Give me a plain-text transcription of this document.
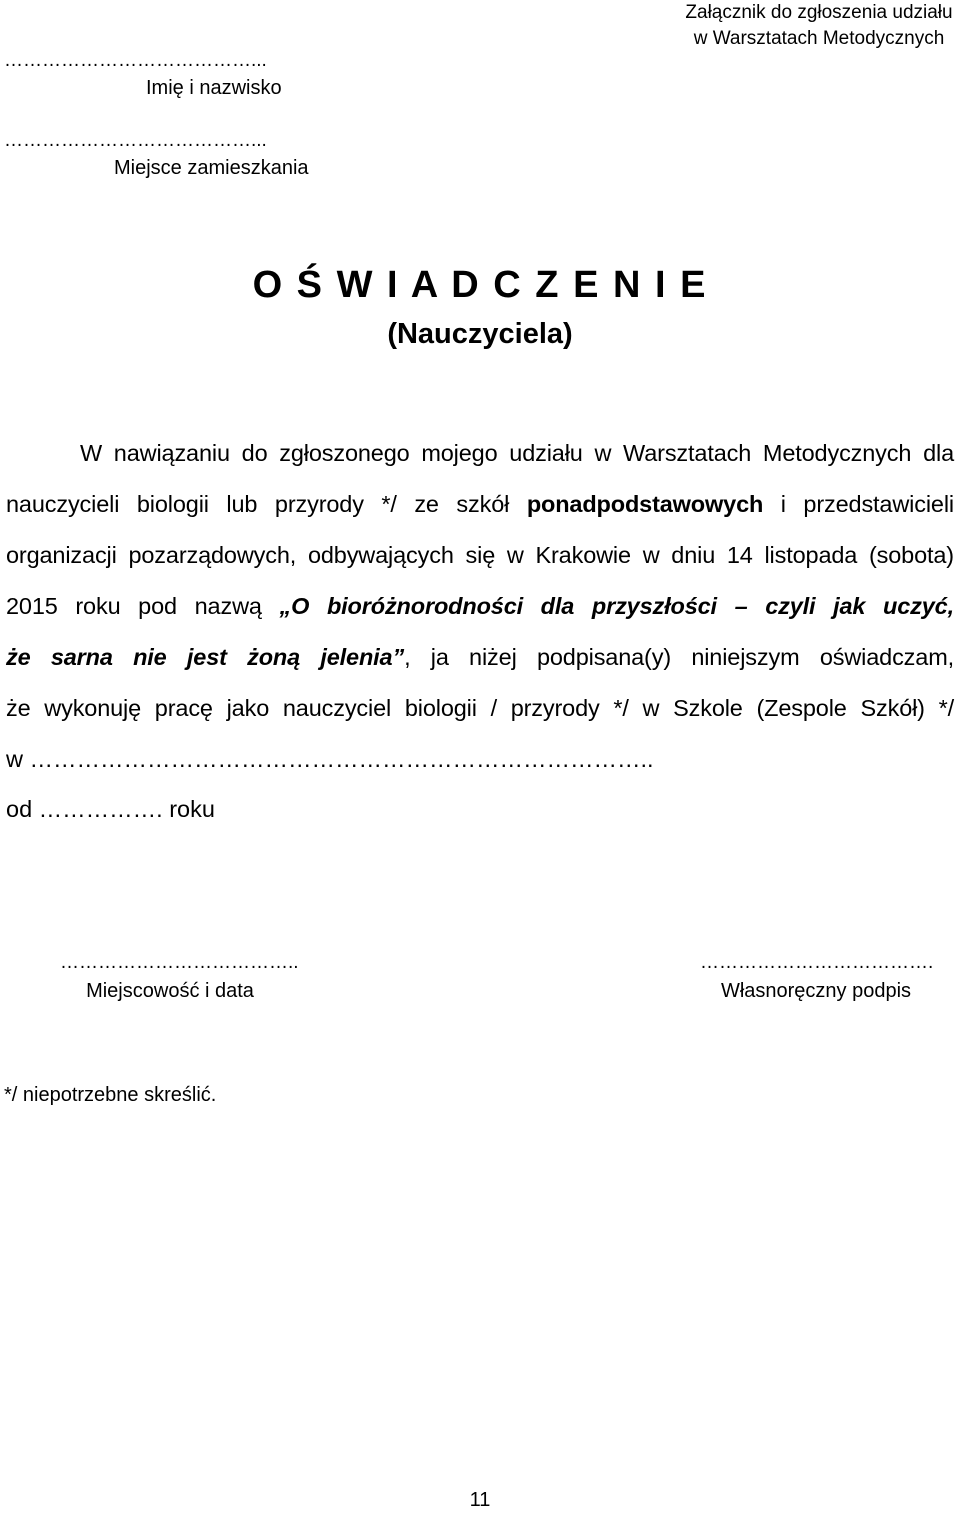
Załącznik do zgłoszenia udziału
w Warsztatach Metodycznych
…………………………………...
Imię i nazwisko
…………………………………...
Miejsce zamieszkania
O Ś W I A D C Z E N I E
(Nauczyciela)
W nawiązaniu do zgłoszonego mojego udziału w Warsztatach Metodycznych dla
nauczycieli biologii lub przyrody */ ze szkół ponadpodstawowych i przedstawicieli
organizacji pozarządowych, odbywających się w Krakowie w dniu 14 listopada (sobota)
2015 roku pod nazwą „O bioróżnorodności dla przyszłości – czyli jak uczyć,
że sarna nie jest żoną jelenia”, ja niżej podpisana(y) niniejszym oświadczam,
że wykonuję pracę jako nauczyciel biologii / przyrody */ w Szkole (Zespole Szkół) */
w ……………………………………………………………………..
od ……………. roku
………………………………..
Miejscowość i data
……………………………….
Własnoręczny podpis
*/ niepotrzebne skreślić.
11
